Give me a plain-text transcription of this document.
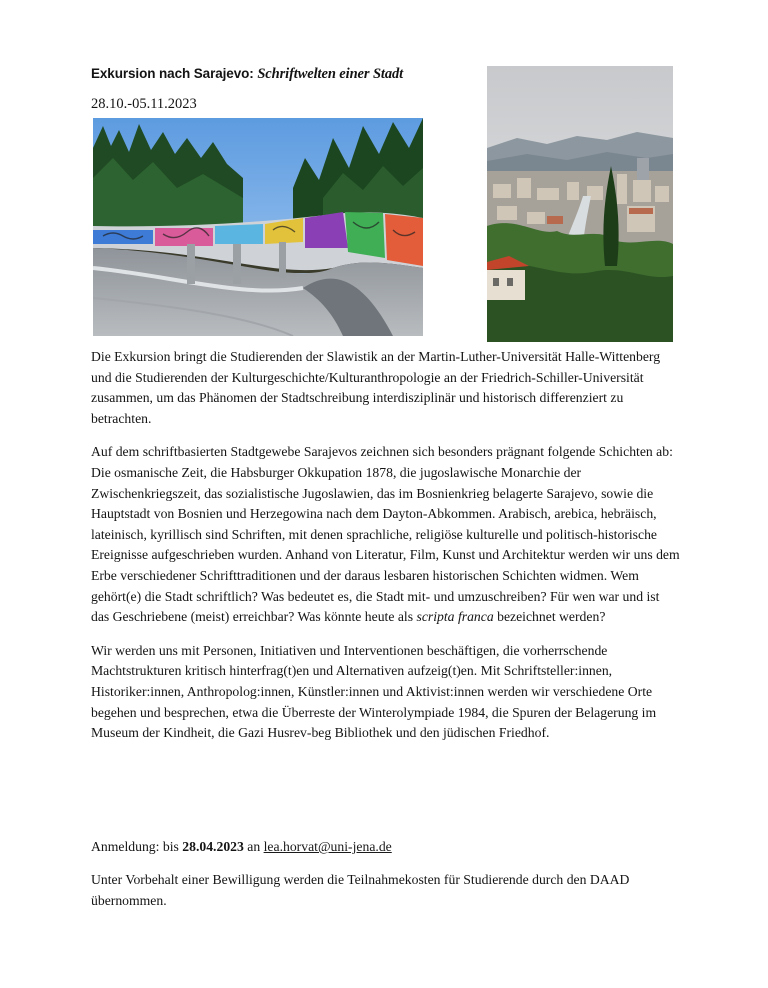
Exkursion nach Sarajevo: Schriftwelten einer Stadt
28.10.-05.11.2023

Die Exkursion bringt die Studierenden der Slawistik an der Martin-Luther-Universität Halle-Wittenberg und die Studierenden der Kulturgeschichte/Kulturanthropologie an der Friedrich-Schiller-Universität zusammen, um das Phänomen der Stadtschreibung interdisziplinär und historisch differenziert zu betrachten.

Auf dem schriftbasierten Stadtgewebe Sarajevos zeichnen sich besonders prägnant folgende Schichten ab: Die osmanische Zeit, die Habsburger Okkupation 1878, die jugoslawische Monarchie der Zwischenkriegszeit, das sozialistische Jugoslawien, das im Bosnienkrieg belagerte Sarajevo, sowie die Hauptstadt von Bosnien und Herzegowina nach dem Dayton-Abkommen. Arabisch, arebica, hebräisch, lateinisch, kyrillisch sind Schriften, mit denen sprachliche, religiöse kulturelle und politisch-historische Ereignisse aufgeschrieben wurden. Anhand von Literatur, Film, Kunst und Architektur werden wir uns dem Erbe verschiedener Schrifttraditionen und der daraus lesbaren historischen Schichten widmen. Wem gehört(e) die Stadt schriftlich? Was bedeutet es, die Stadt mit- und umzuschreiben? Für wen war und ist das Geschriebene (meist) erreichbar? Was könnte heute als scripta franca bezeichnet werden?

Wir werden uns mit Personen, Initiativen und Interventionen beschäftigen, die vorherrschende Machtstrukturen kritisch hinterfrag(t)en und Alternativen aufzeig(t)en. Mit Schriftsteller:innen, Historiker:innen, Anthropolog:innen, Künstler:innen und Aktivist:innen werden wir verschiedene Orte begehen und besprechen, etwa die Überreste der Winterolympiade 1984, die Spuren der Belagerung im Museum der Kindheit, die Gazi Husrev-beg Bibliothek und den jüdischen Friedhof.

Anmeldung: bis 28.04.2023 an lea.horvat@uni-jena.de
Unter Vorbehalt einer Bewilligung werden die Teilnahmekosten für Studierende durch den DAAD übernommen.
